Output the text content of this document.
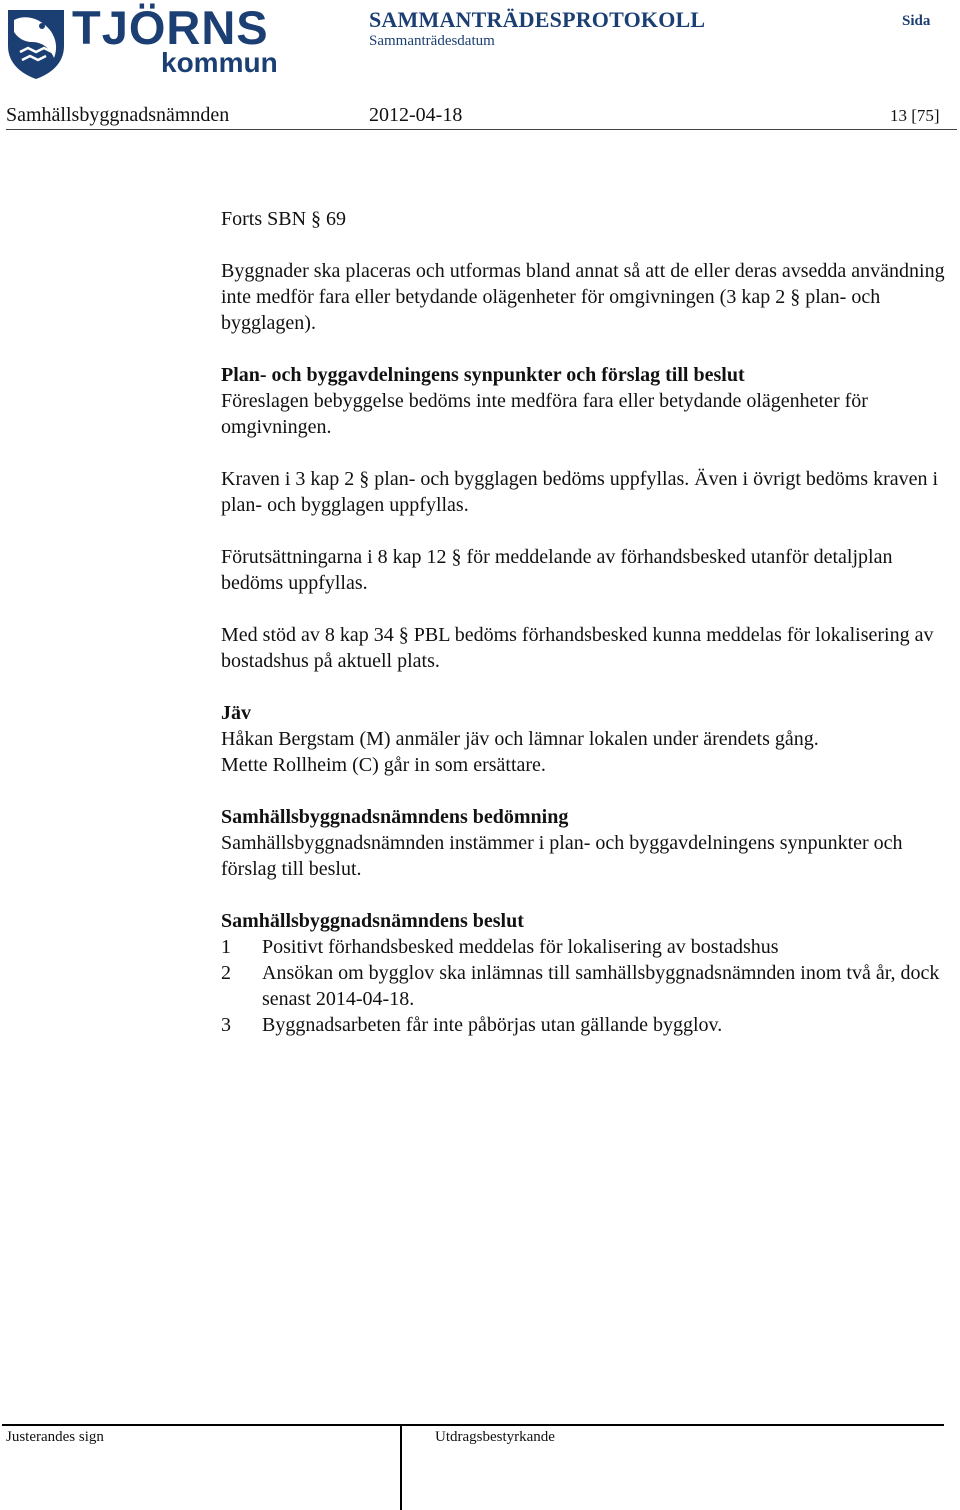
TJÖRNS
kommun
SAMMANTRÄDESPROTOKOLL
Sammanträdesdatum
Sida
Samhällsbyggnadsnämnden	2012-04-18	13 [75]

Forts SBN § 69

Byggnader ska placeras och utformas bland annat så att de eller deras avsedda användning inte medför fara eller betydande olägenheter för omgivningen (3 kap 2 § plan- och bygglagen).

Plan- och byggavdelningens synpunkter och förslag till beslut
Föreslagen bebyggelse bedöms inte medföra fara eller betydande olägenheter för omgivningen.

Kraven i 3 kap 2 § plan- och bygglagen bedöms uppfyllas. Även i övrigt bedöms kraven i plan- och bygglagen uppfyllas.

Förutsättningarna i 8 kap 12 § för meddelande av förhandsbesked utanför detaljplan bedöms uppfyllas.

Med stöd av 8 kap 34 § PBL bedöms förhandsbesked kunna meddelas för lokalisering av bostadshus på aktuell plats.

Jäv
Håkan Bergstam (M) anmäler jäv och lämnar lokalen under ärendets gång.
Mette Rollheim (C) går in som ersättare.

Samhällsbyggnadsnämndens bedömning
Samhällsbyggnadsnämnden instämmer i plan- och byggavdelningens synpunkter och förslag till beslut.

Samhällsbyggnadsnämndens beslut
1 Positivt förhandsbesked meddelas för lokalisering av bostadshus
2 Ansökan om bygglov ska inlämnas till samhällsbyggnadsnämnden inom två år, dock senast 2014-04-18.
3 Byggnadsarbeten får inte påbörjas utan gällande bygglov.
Justerandes sign	Utdragsbestyrkande
